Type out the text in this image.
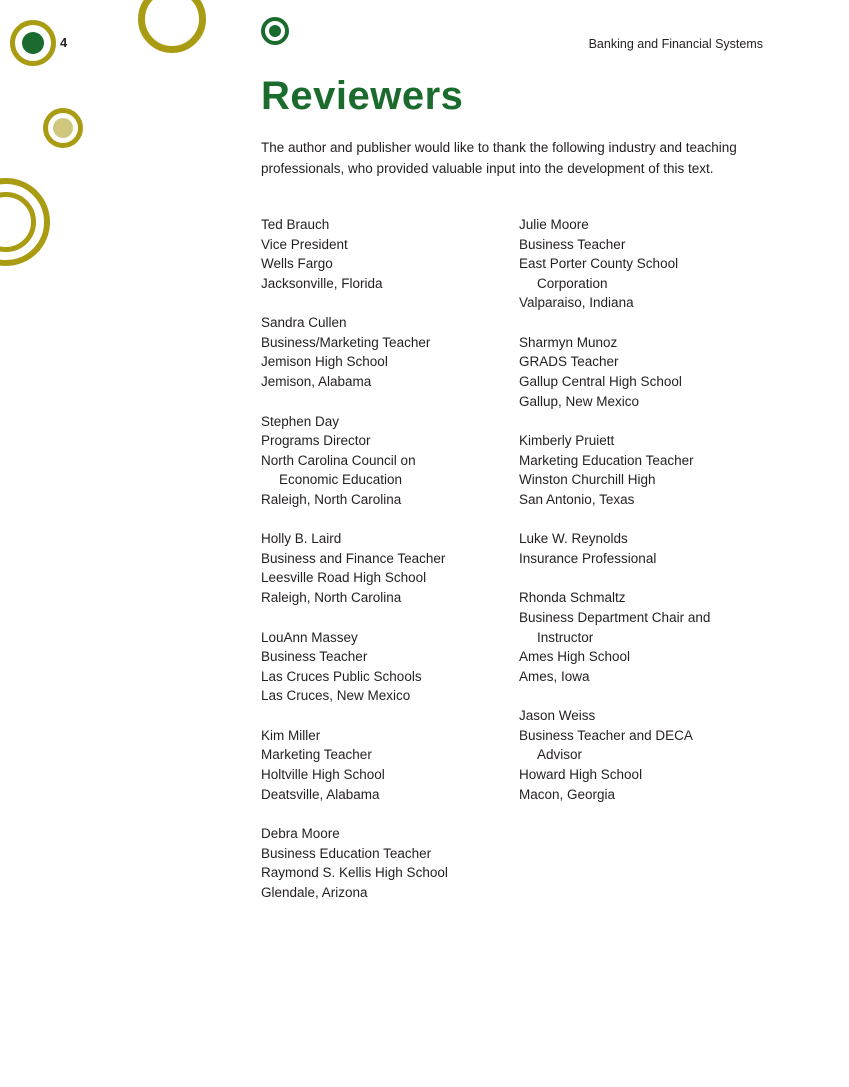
4	Banking and Financial Systems
Reviewers

The author and publisher would like to thank the following industry and teaching professionals, who provided valuable input into the development of this text.

Ted Brauch
Vice President
Wells Fargo
Jacksonville, Florida
Sandra Cullen
Business/Marketing Teacher
Jemison High School
Jemison, Alabama
Stephen Day
Programs Director
North Carolina Council on
Economic Education
Raleigh, North Carolina
Holly B. Laird
Business and Finance Teacher
Leesville Road High School
Raleigh, North Carolina
LouAnn Massey
Business Teacher
Las Cruces Public Schools
Las Cruces, New Mexico
Kim Miller
Marketing Teacher
Holtville High School
Deatsville, Alabama
Debra Moore
Business Education Teacher
Raymond S. Kellis High School
Glendale, Arizona
Julie Moore
Business Teacher
East Porter County School
Corporation
Valparaiso, Indiana
Sharmyn Munoz
GRADS Teacher
Gallup Central High School
Gallup, New Mexico
Kimberly Pruiett
Marketing Education Teacher
Winston Churchill High
San Antonio, Texas
Luke W. Reynolds
Insurance Professional
Rhonda Schmaltz
Business Department Chair and
Instructor
Ames High School
Ames, Iowa
Jason Weiss
Business Teacher and DECA
Advisor
Howard High School
Macon, Georgia
